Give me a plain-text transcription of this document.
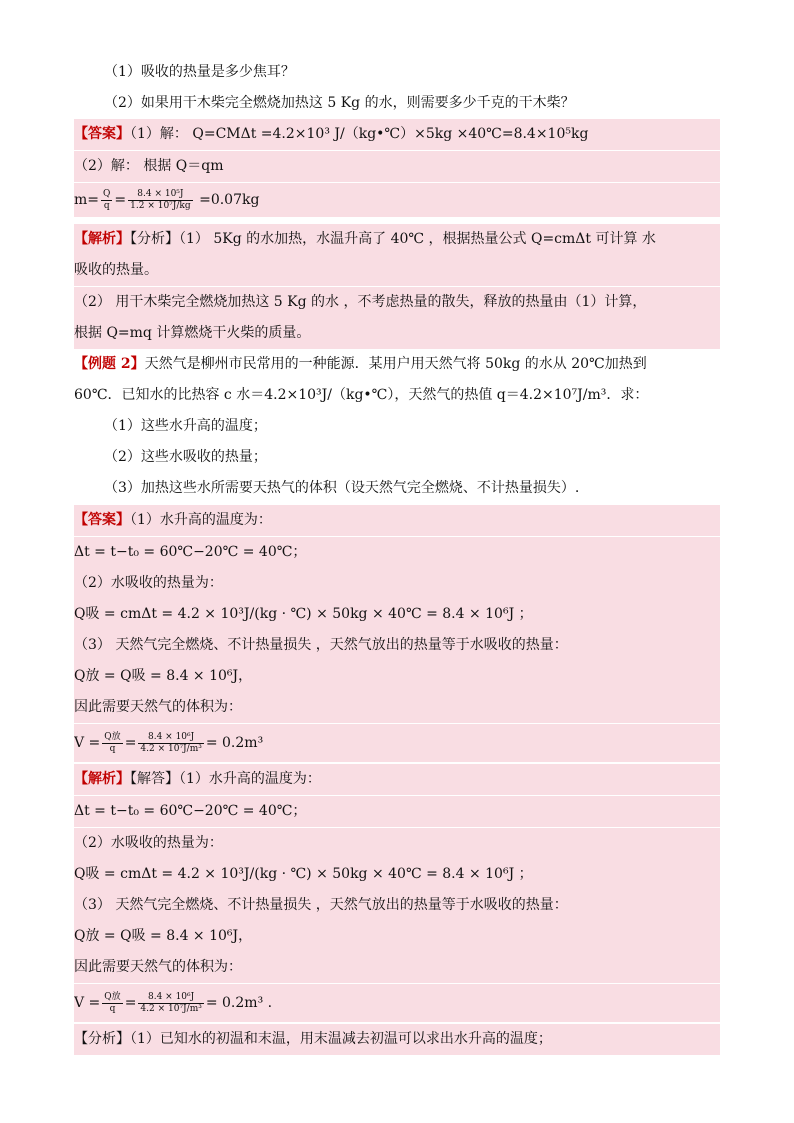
（1）吸收的热量是多少焦耳？
（2）如果用干木柴完全燃烧加热这 5 Kg 的水，则需要多少千克的干木柴？
【答案】（1）解： Q=CMΔt =4.2×10³ J/（kg•℃）×5kg ×40℃=8.4×10⁵kg
（2）解： 根据 Q＝qm
$m= \frac{Q}{q} = \frac{\text{8.4 × 10⁵J}}{\text{1.2 × 10⁷J/kg}} =0.07kg$
【解析】【分析】（1） 5Kg 的水加热，水温升高了 40℃ ，根据热量公式 Q=cmΔt 可计算 水
吸收的热量。
（2） 用干木柴完全燃烧加热这 5 Kg 的水 ，不考虑热量的散失，释放的热量由（1）计算，
根据 Q=mq 计算燃烧干火柴的质量。
【例题 2】天然气是柳州市民常用的一种能源．某用户用天然气将 50kg 的水从 20℃加热到
60℃．已知水的比热容 c 水＝4.2×10³J/（kg•℃），天然气的热值 q＝4.2×10⁷J/m³．求：
（1）这些水升高的温度；
（2）这些水吸收的热量；
（3）加热这些水所需要天热气的体积（设天然气完全燃烧、不计热量损失）.
【答案】（1）水升高的温度为：
Δt = t−t₀ = 60℃−20℃ = 40℃；
（2）水吸收的热量为：
Q吸 = cmΔt = 4.2 × 10³J/(kg · ℃) × 50kg × 40℃ = 8.4 × 10⁶J ；
（3） 天然气完全燃烧、不计热量损失 ，天然气放出的热量等于水吸收的热量：
Q放 = Q吸 = 8.4 × 10⁶J，
因此需要天然气的体积为：
$V = \frac{\text{Q放}}{q} = \frac{\text{8.4 × 10⁶J}}{\text{4.2 × 10⁷J/m³}} = 0.2m^3$
【解析】【解答】（1）水升高的温度为：
Δt = t−t₀ = 60℃−20℃ = 40℃；
（2）水吸收的热量为：
Q吸 = cmΔt = 4.2 × 10³J/(kg · ℃) × 50kg × 40℃ = 8.4 × 10⁶J ；
（3） 天然气完全燃烧、不计热量损失 ，天然气放出的热量等于水吸收的热量：
Q放 = Q吸 = 8.4 × 10⁶J，
因此需要天然气的体积为：
$V = \frac{\text{Q放}}{q} = \frac{\text{8.4 × 10⁶J}}{\text{4.2 × 10⁷J/m³}} = 0.2m^3$ .
【分析】（1）已知水的初温和末温，用末温减去初温可以求出水升高的温度；
